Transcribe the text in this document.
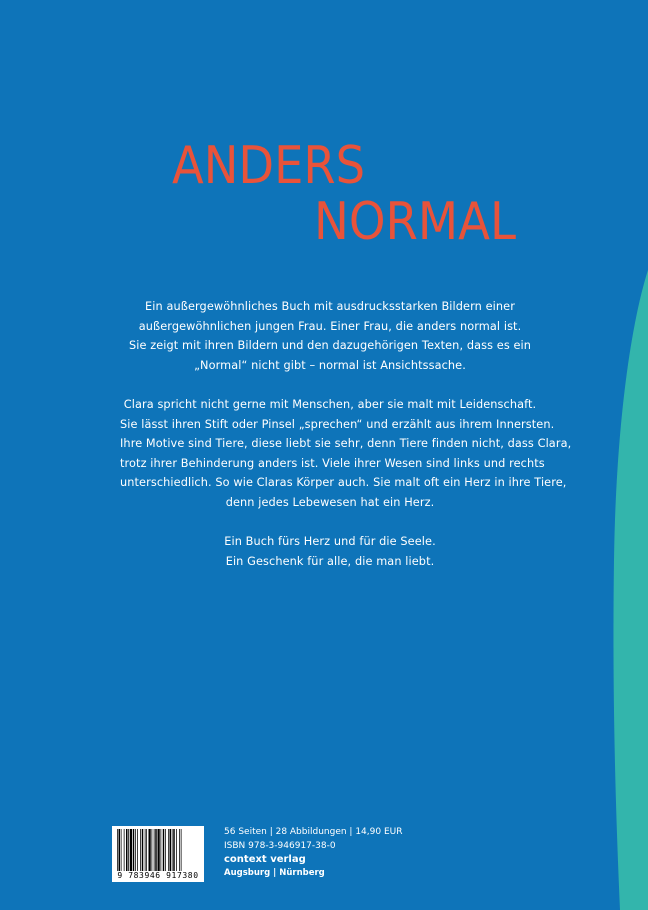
ANDERS
NORMAL

Ein außergewöhnliches Buch mit ausdrucksstarken Bildern einer
außergewöhnlichen jungen Frau. Einer Frau, die anders normal ist.
Sie zeigt mit ihren Bildern und den dazugehörigen Texten, dass es ein
„Normal“ nicht gibt – normal ist Ansichtssache.

Clara spricht nicht gerne mit Menschen, aber sie malt mit Leidenschaft.
Sie lässt ihren Stift oder Pinsel „sprechen“ und erzählt aus ihrem Innersten.
Ihre Motive sind Tiere, diese liebt sie sehr, denn Tiere finden nicht, dass Clara,
trotz ihrer Behinderung anders ist. Viele ihrer Wesen sind links und rechts
unterschiedlich. So wie Claras Körper auch. Sie malt oft ein Herz in ihre Tiere,
denn jedes Lebewesen hat ein Herz.

Ein Buch fürs Herz und für die Seele.
Ein Geschenk für alle, die man liebt.

9 783946 917380
56 Seiten | 28 Abbildungen | 14,90 EUR
ISBN 978-3-946917-38-0
context verlag
Augsburg | Nürnberg
